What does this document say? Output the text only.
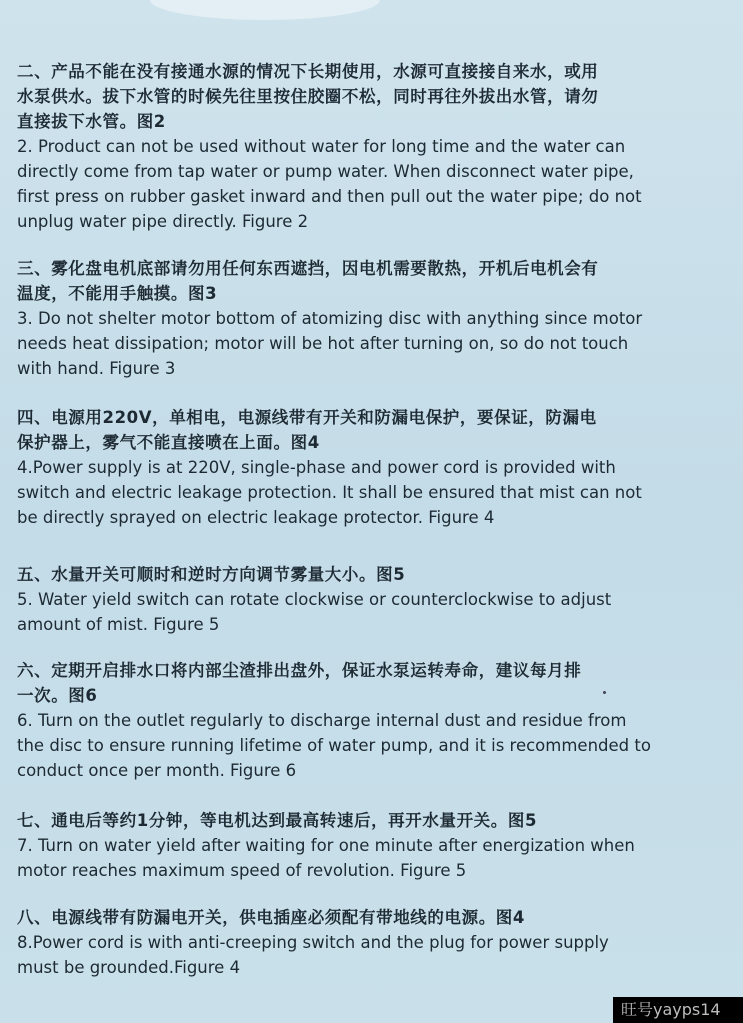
二、产品不能在没有接通水源的情况下长期使用，水源可直接接自来水，或用
水泵供水。拔下水管的时候先往里按住胶圈不松，同时再往外拔出水管，请勿
直接拔下水管。图2
2. Product can not be used without water for long time and the water can
directly come from tap water or pump water. When disconnect water pipe,
first press on rubber gasket inward and then pull out the water pipe; do not
unplug water pipe directly. Figure 2
三、雾化盘电机底部请勿用任何东西遮挡，因电机需要散热，开机后电机会有
温度，不能用手触摸。图3
3. Do not shelter motor bottom of atomizing disc with anything since motor
needs heat dissipation; motor will be hot after turning on, so do not touch
with hand. Figure 3
四、电源用220V，单相电，电源线带有开关和防漏电保护，要保证，防漏电
保护器上，雾气不能直接喷在上面。图4
4.Power supply is at 220V, single-phase and power cord is provided with
switch and electric leakage protection. It shall be ensured that mist can not
be directly sprayed on electric leakage protector. Figure 4
五、水量开关可顺时和逆时方向调节雾量大小。图5
5. Water yield switch can rotate clockwise or counterclockwise to adjust
amount of mist. Figure 5
六、定期开启排水口将内部尘渣排出盘外，保证水泵运转寿命，建议每月排
一次。图6
6. Turn on the outlet regularly to discharge internal dust and residue from
the disc to ensure running lifetime of water pump, and it is recommended to
conduct once per month. Figure 6
七、通电后等约1分钟，等电机达到最高转速后，再开水量开关。图5
7. Turn on water yield after waiting for one minute after energization when
motor reaches maximum speed of revolution. Figure 5
八、电源线带有防漏电开关，供电插座必须配有带地线的电源。图4
8.Power cord is with anti-creeping switch and the plug for power supply
must be grounded.Figure 4
旺号yayps14
